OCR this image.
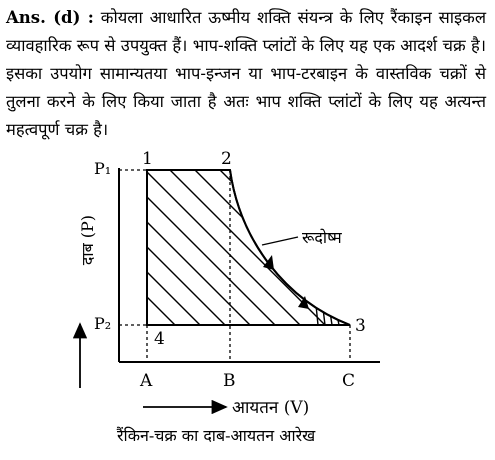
Ans. (d) : कोयला आधारित ऊष्मीय शक्ति संयन्त्र के लिए रैंकाइन साइकल व्यावहारिक रूप से उपयुक्त हैं। भाप-शक्ति प्लांटों के लिए यह एक आदर्श चक्र है। इसका उपयोग सामान्यतया भाप-इन्जन या भाप-टरबाइन के वास्तविक चक्रों से तुलना करने के लिए किया जाता है अतः भाप शक्ति प्लांटों के लिए यह अत्यन्त महत्वपूर्ण चक्र है।

रूदोष्म
1	2
3
4
P₁
P₂
A	B	C
दाब (P)
आयतन (V)
रैंकिन-चक्र का दाब-आयतन आरेख
